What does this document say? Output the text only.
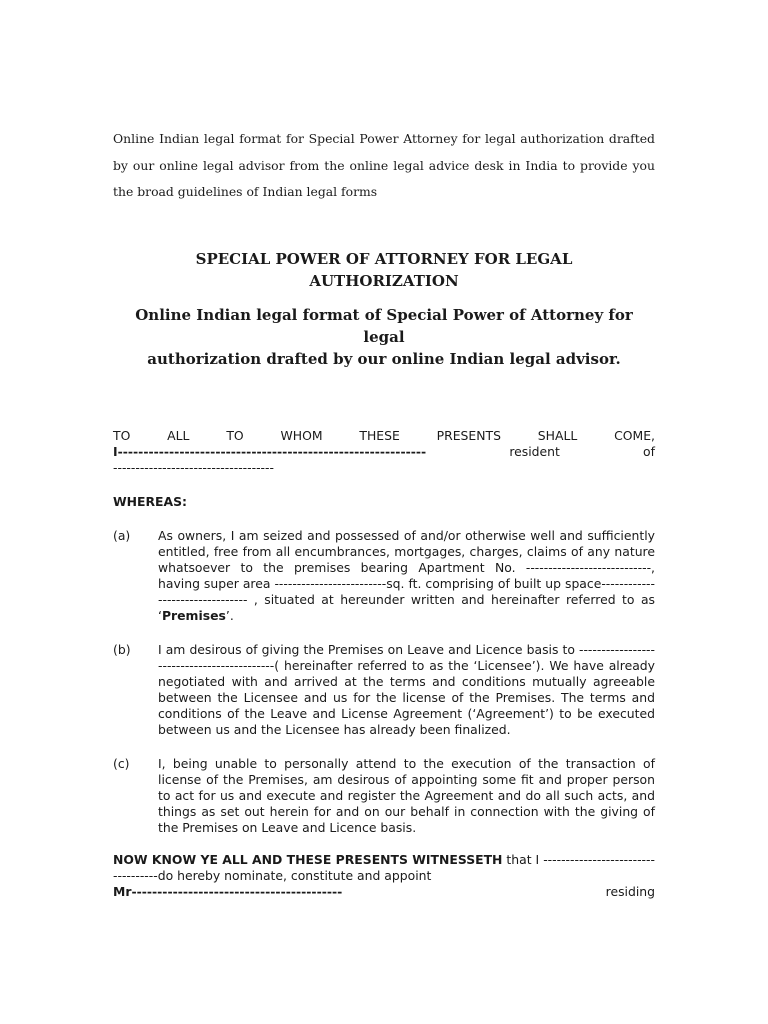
Online Indian legal format for Special Power Attorney for legal authorization drafted by our online legal advisor from the online legal advice desk in India to provide you the broad guidelines of Indian legal forms

SPECIAL POWER OF ATTORNEY FOR LEGAL
AUTHORIZATION
Online Indian legal format of Special Power of Attorney for legal
authorization drafted by our online Indian legal advisor.

TO ALL TO WHOM THESE PRESENTS SHALL COME,

I------------------------------------------------------------	resident of

------------------------------------

WHEREAS:

(a)	As owners, I am seized and possessed of and/or otherwise well and sufficiently entitled, free from all encumbrances, mortgages, charges, claims of any nature whatsoever to the premises bearing Apartment No. ----------------------------, having super area -------------------------sq. ft. comprising of built up space-------------------------------- , situated at hereunder written and hereinafter referred to as ‘Premises’.
(b)	I am desirous of giving the Premises on Leave and Licence basis to -------------------------------------------( hereinafter referred to as the ‘Licensee’). We have already negotiated with and arrived at the terms and conditions mutually agreeable between the Licensee and us for the license of the Premises. The terms and conditions of the Leave and License Agreement (‘Agreement’) to be executed between us and the Licensee has already been finalized.
(c)	I, being unable to personally attend to the execution of the transaction of license of the Premises, am desirous of appointing some fit and proper person to act for us and execute and register the Agreement and do all such acts, and things as set out herein for and on our behalf in connection with the giving of the Premises on Leave and Licence basis.

NOW KNOW YE ALL AND THESE PRESENTS WITNESSETH that I -----------------------------------do hereby nominate, constitute and appoint

Mr-----------------------------------------	residing
